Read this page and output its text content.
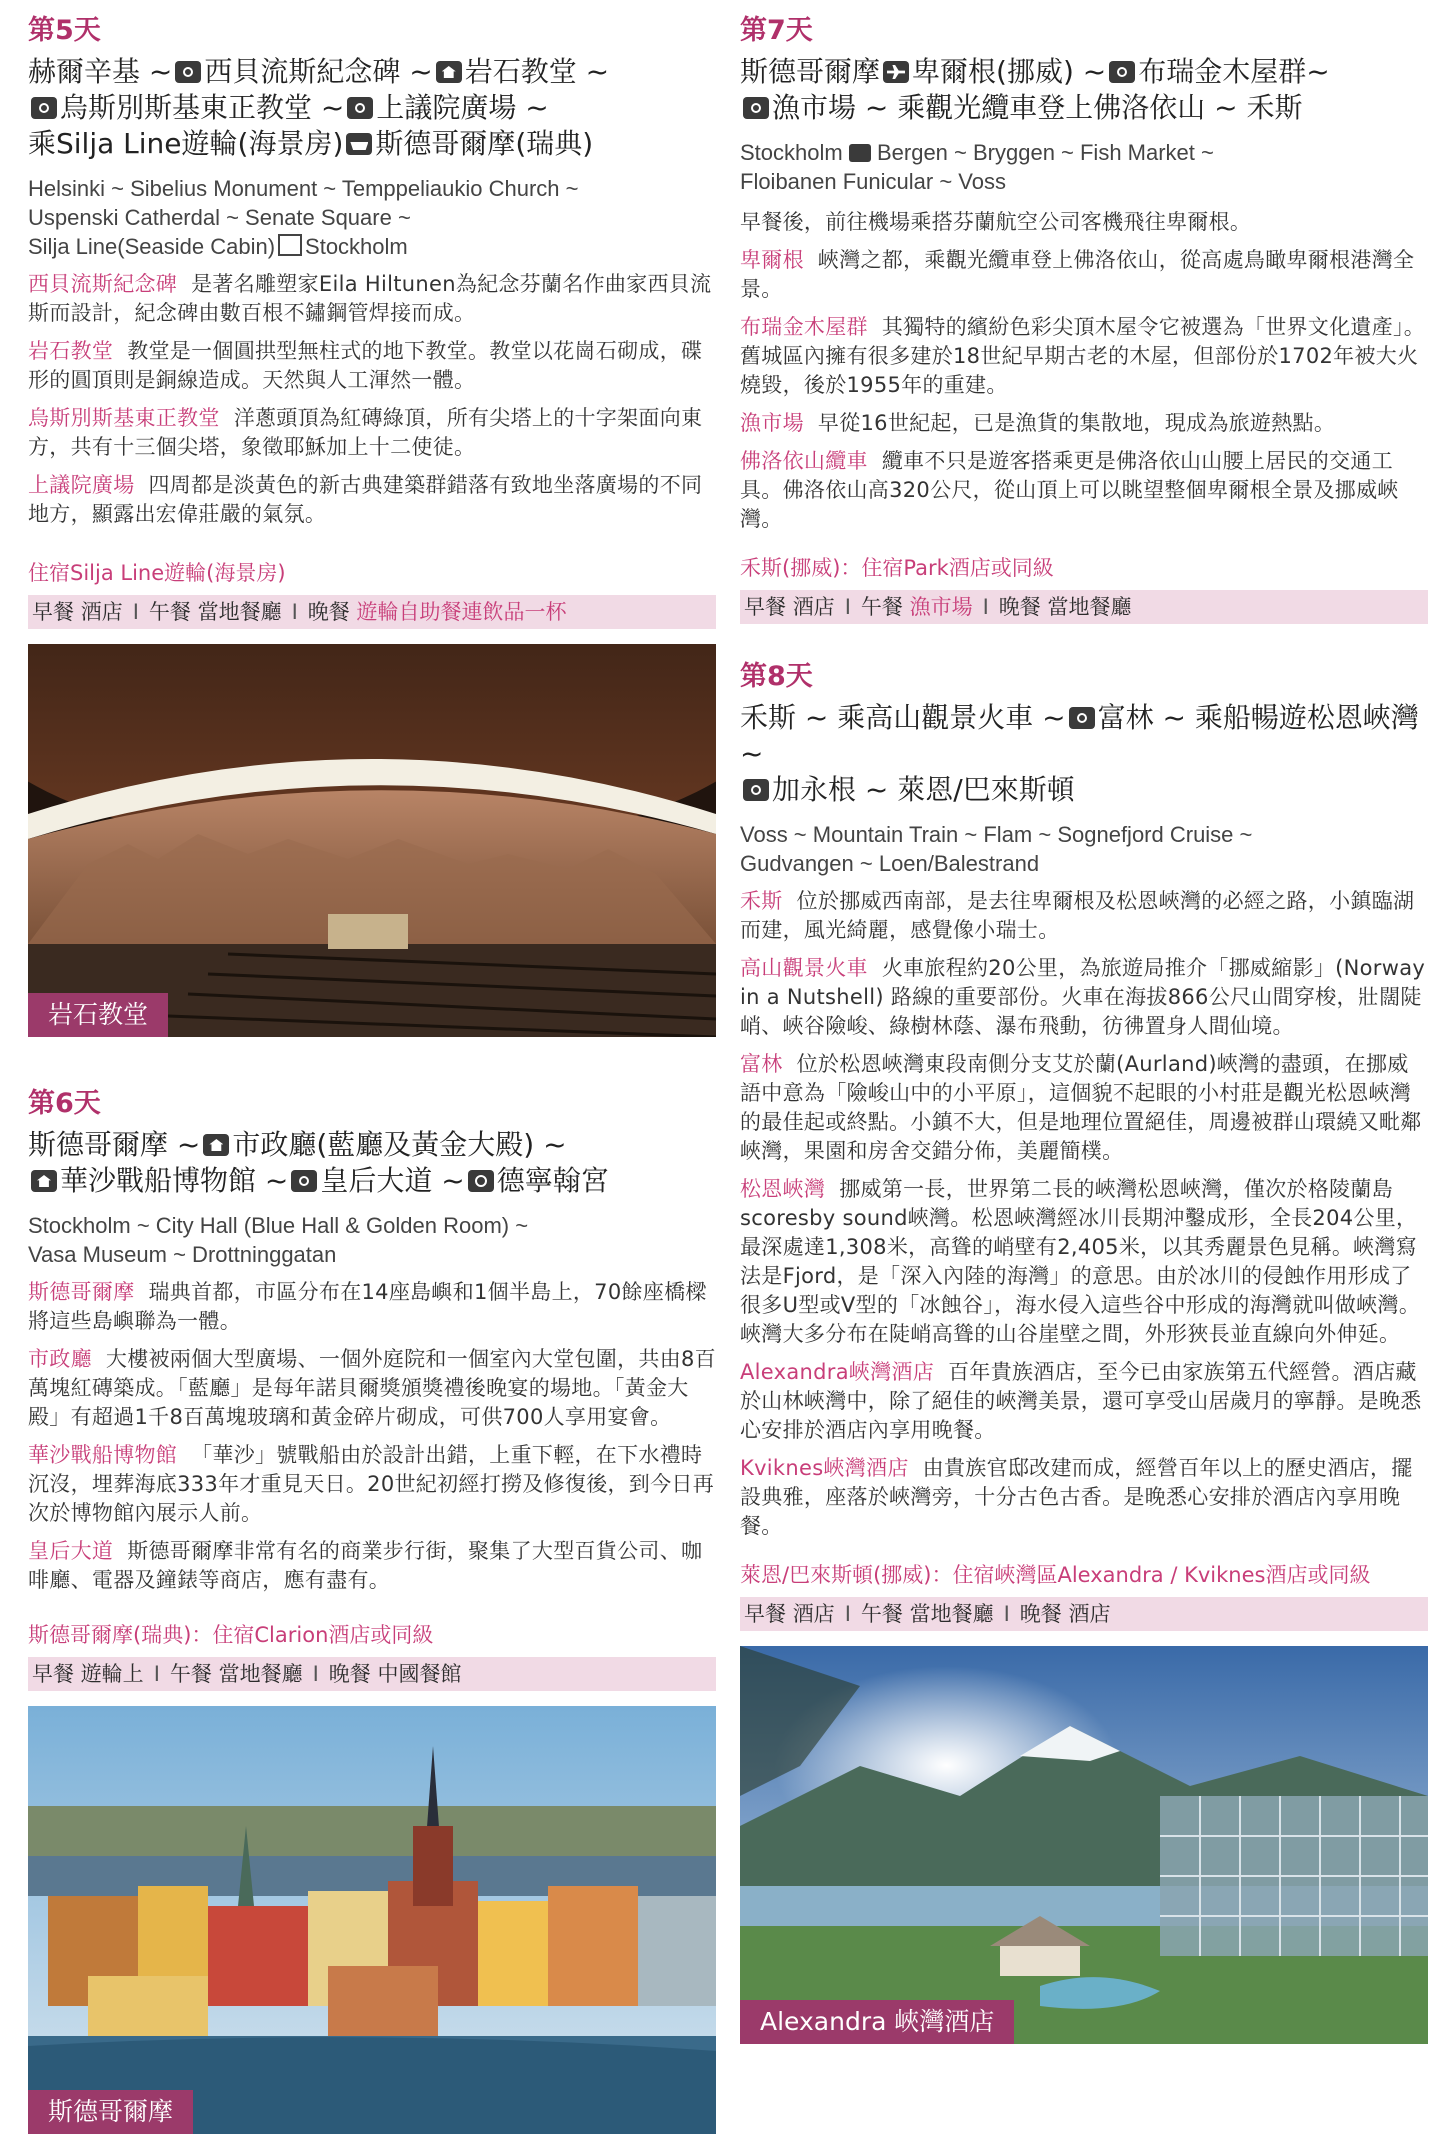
第5天
赫爾辛基 ~ 西貝流斯紀念碑 ~ 岩石教堂 ~
烏斯別斯基東正教堂 ~ 上議院廣場 ~
乘Silja Line遊輪(海景房) 斯德哥爾摩(瑞典)
Helsinki ~ Sibelius Monument ~ Temppeliaukio Church ~
Uspenski Catherdal ~ Senate Square ~
Silja Line(Seaside Cabin) Stockholm
西貝流斯紀念碑 是著名雕塑家Eila Hiltunen為紀念芬蘭名作曲家西貝流斯而設計，紀念碑由數百根不鏽鋼管焊接而成。
岩石教堂 教堂是一個圓拱型無柱式的地下教堂。教堂以花崗石砌成，碟形的圓頂則是銅線造成。天然與人工渾然一體。
烏斯別斯基東正教堂 洋蔥頭頂為紅磚綠頂，所有尖塔上的十字架面向東方，共有十三個尖塔，象徵耶穌加上十二使徒。
上議院廣場 四周都是淡黃色的新古典建築群錯落有致地坐落廣場的不同地方，顯露出宏偉莊嚴的氣氛。
住宿Silja Line遊輪(海景房)
早餐 酒店 I 午餐 當地餐廳 I 晚餐 遊輪自助餐連飲品一杯
岩石教堂
第6天
斯德哥爾摩 ~ 市政廳(藍廳及黃金大殿) ~
華沙戰船博物館 ~ 皇后大道 ~ 德寧翰宮
Stockholm ~ City Hall (Blue Hall & Golden Room) ~
Vasa Museum ~ Drottninggatan
斯德哥爾摩 瑞典首都，市區分布在14座島嶼和1個半島上，70餘座橋樑將這些島嶼聯為一體。
市政廳 大樓被兩個大型廣場、一個外庭院和一個室內大堂包圍，共由8百萬塊紅磚築成。「藍廳」是每年諾貝爾獎頒獎禮後晚宴的場地。「黃金大殿」有超過1千8百萬塊玻璃和黃金碎片砌成，可供700人享用宴會。
華沙戰船博物館 「華沙」號戰船由於設計出錯，上重下輕，在下水禮時沉沒，埋葬海底333年才重見天日。20世紀初經打撈及修復後，到今日再次於博物館內展示人前。
皇后大道 斯德哥爾摩非常有名的商業步行街，聚集了大型百貨公司、咖啡廳、電器及鐘錶等商店，應有盡有。
斯德哥爾摩(瑞典)：住宿Clarion酒店或同級
早餐 遊輪上 I 午餐 當地餐廳 I 晚餐 中國餐館
斯德哥爾摩
第7天
斯德哥爾摩 卑爾根(挪威) ~ 布瑞金木屋群~
漁市場 ~ 乘觀光纜車登上佛洛依山 ~ 禾斯
Stockholm Bergen ~ Bryggen ~ Fish Market ~
Floibanen Funicular ~ Voss
早餐後，前往機場乘搭芬蘭航空公司客機飛往卑爾根。
卑爾根 峽灣之都，乘觀光纜車登上佛洛依山，從高處鳥瞰卑爾根港灣全景。
布瑞金木屋群 其獨特的繽紛色彩尖頂木屋令它被選為「世界文化遺產」。舊城區內擁有很多建於18世紀早期古老的木屋，但部份於1702年被大火燒毀，後於1955年的重建。
漁市場 早從16世紀起，已是漁貨的集散地，現成為旅遊熱點。
佛洛依山纜車 纜車不只是遊客搭乘更是佛洛依山山腰上居民的交通工具。佛洛依山高320公尺，從山頂上可以眺望整個卑爾根全景及挪威峽灣。
禾斯(挪威)：住宿Park酒店或同級
早餐 酒店 I 午餐 漁市場 I 晚餐 當地餐廳
第8天
禾斯 ~ 乘高山觀景火車 ~ 富林 ~ 乘船暢遊松恩峽灣 ~
加永根 ~ 萊恩/巴來斯頓
Voss ~ Mountain Train ~ Flam ~ Sognefjord Cruise ~
Gudvangen ~ Loen/Balestrand
禾斯 位於挪威西南部，是去往卑爾根及松恩峽灣的必經之路，小鎮臨湖而建，風光綺麗，感覺像小瑞士。
高山觀景火車 火車旅程約20公里，為旅遊局推介「挪威縮影」(Norway in a Nutshell) 路線的重要部份。火車在海拔866公尺山間穿梭，壯闊陡峭、峽谷險峻、綠樹林蔭、瀑布飛動，彷彿置身人間仙境。
富林 位於松恩峽灣東段南側分支艾於蘭(Aurland)峽灣的盡頭，在挪威語中意為「險峻山中的小平原」，這個貌不起眼的小村莊是觀光松恩峽灣的最佳起或終點。小鎮不大，但是地理位置絕佳，周邊被群山環繞又毗鄰峽灣，果園和房舍交錯分佈，美麗簡樸。
松恩峽灣 挪威第一長，世界第二長的峽灣松恩峽灣，僅次於格陵蘭島scoresby sound峽灣。松恩峽灣經冰川長期沖鑿成形，全長204公里，最深處達1,308米，高聳的峭壁有2,405米，以其秀麗景色見稱。峽灣寫法是Fjord，是「深入內陸的海灣」的意思。由於冰川的侵蝕作用形成了很多U型或V型的「冰蝕谷」，海水侵入這些谷中形成的海灣就叫做峽灣。峽灣大多分布在陡峭高聳的山谷崖壁之間，外形狹長並直線向外伸延。
Alexandra峽灣酒店 百年貴族酒店，至今已由家族第五代經營。酒店藏於山林峽灣中，除了絕佳的峽灣美景，還可享受山居歲月的寧靜。是晚悉心安排於酒店內享用晚餐。
Kviknes峽灣酒店 由貴族官邸改建而成，經營百年以上的歷史酒店，擺設典雅，座落於峽灣旁，十分古色古香。是晚悉心安排於酒店內享用晚餐。
萊恩/巴來斯頓(挪威)：住宿峽灣區Alexandra / Kviknes酒店或同級
早餐 酒店 I 午餐 當地餐廳 I 晚餐 酒店
Alexandra 峽灣酒店
